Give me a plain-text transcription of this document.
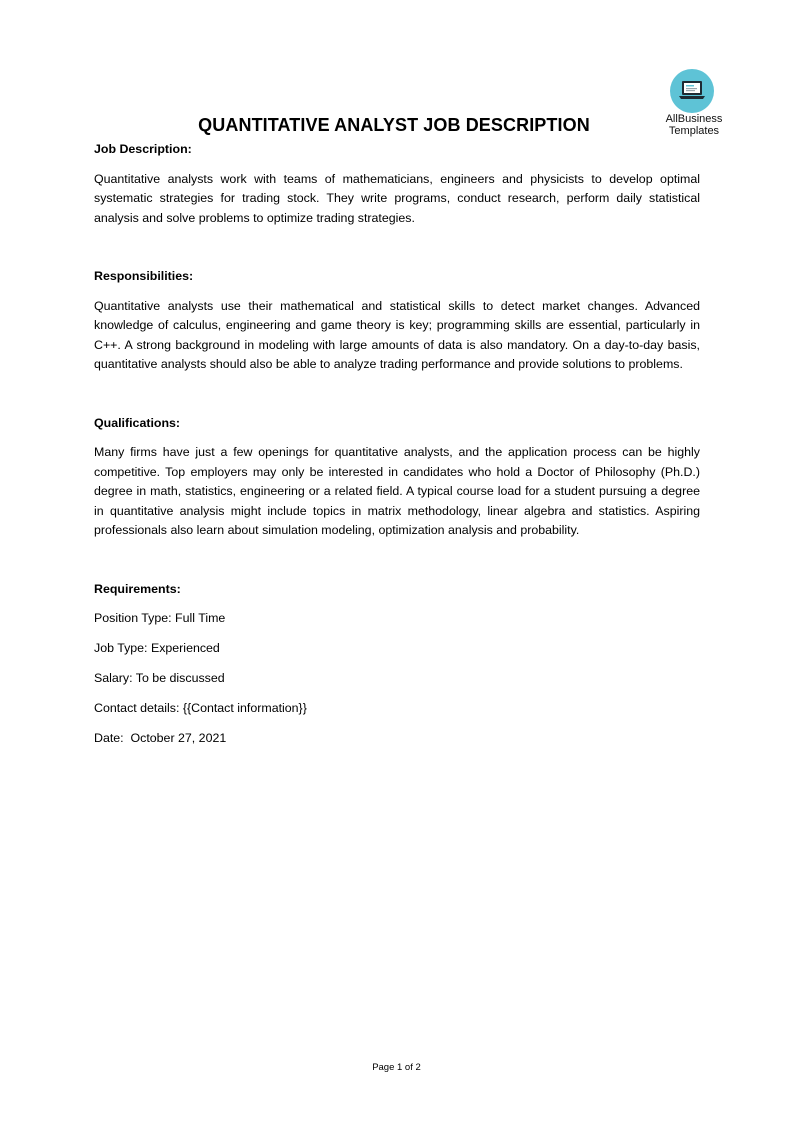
AllBusiness
Templates
QUANTITATIVE ANALYST JOB DESCRIPTION

Job Description:

Quantitative analysts work with teams of mathematicians, engineers and physicists to develop optimal systematic strategies for trading stock. They write programs, conduct research, perform daily statistical analysis and solve problems to optimize trading strategies.

Responsibilities:

Quantitative analysts use their mathematical and statistical skills to detect market changes. Advanced knowledge of calculus, engineering and game theory is key; programming skills are essential, particularly in C++. A strong background in modeling with large amounts of data is also mandatory. On a day-to-day basis, quantitative analysts should also be able to analyze trading performance and provide solutions to problems.

Qualifications:

Many firms have just a few openings for quantitative analysts, and the application process can be highly competitive. Top employers may only be interested in candidates who hold a Doctor of Philosophy (Ph.D.) degree in math, statistics, engineering or a related field. A typical course load for a student pursuing a degree in quantitative analysis might include topics in matrix methodology, linear algebra and statistics. Aspiring professionals also learn about simulation modeling, optimization analysis and probability.

Requirements:

Position Type: Full Time

Job Type: Experienced

Salary: To be discussed

Contact details: {{Contact information}}

Date:  October 27, 2021

Page 1 of 2
